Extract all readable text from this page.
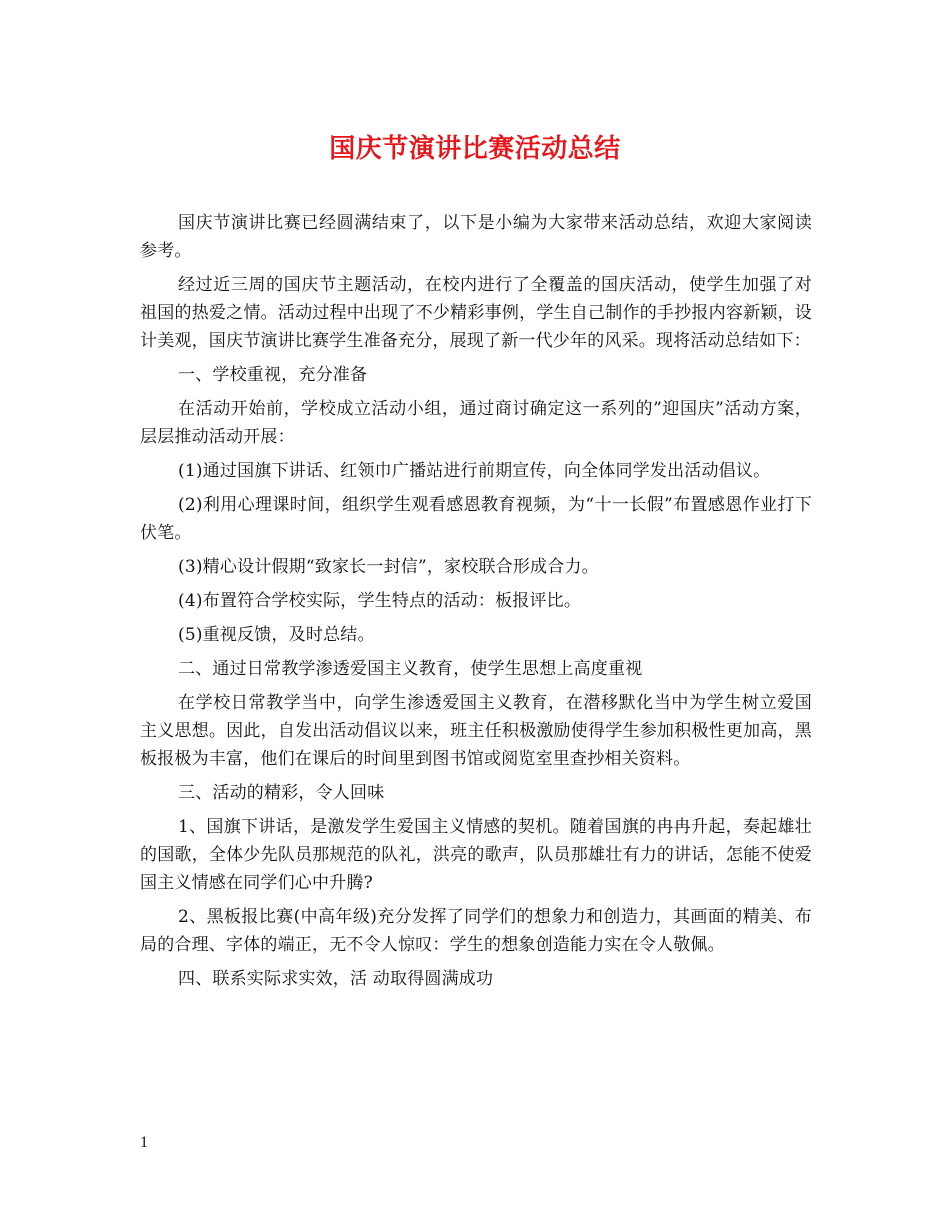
国庆节演讲比赛活动总结

国庆节演讲比赛已经圆满结束了，以下是小编为大家带来活动总结，欢迎大家阅读参考。

经过近三周的国庆节主题活动，在校内进行了全覆盖的国庆活动，使学生加强了对祖国的热爱之情。活动过程中出现了不少精彩事例，学生自己制作的手抄报内容新颖，设计美观，国庆节演讲比赛学生准备充分，展现了新一代少年的风采。现将活动总结如下：

一、学校重视，充分准备

在活动开始前，学校成立活动小组，通过商讨确定这一系列的”迎国庆”活动方案，层层推动活动开展：

(1)通过国旗下讲话、红领巾广播站进行前期宣传，向全体同学发出活动倡议。

(2)利用心理课时间，组织学生观看感恩教育视频，为“十一长假”布置感恩作业打下伏笔。

(3)精心设计假期“致家长一封信”，家校联合形成合力。

(4)布置符合学校实际，学生特点的活动：板报评比。

(5)重视反馈，及时总结。

二、通过日常教学渗透爱国主义教育，使学生思想上高度重视

在学校日常教学当中，向学生渗透爱国主义教育，在潜移默化当中为学生树立爱国主义思想。因此，自发出活动倡议以来，班主任积极激励使得学生参加积极性更加高，黑板报极为丰富，他们在课后的时间里到图书馆或阅览室里查抄相关资料。

三、活动的精彩，令人回味

1、国旗下讲话，是激发学生爱国主义情感的契机。随着国旗的冉冉升起，奏起雄壮的国歌，全体少先队员那规范的队礼，洪亮的歌声，队员那雄壮有力的讲话，怎能不使爱国主义情感在同学们心中升腾?

2、黑板报比赛(中高年级)充分发挥了同学们的想象力和创造力，其画面的精美、布局的合理、字体的端正，无不令人惊叹：学生的想象创造能力实在令人敬佩。

四、联系实际求实效，活 动取得圆满成功

1
